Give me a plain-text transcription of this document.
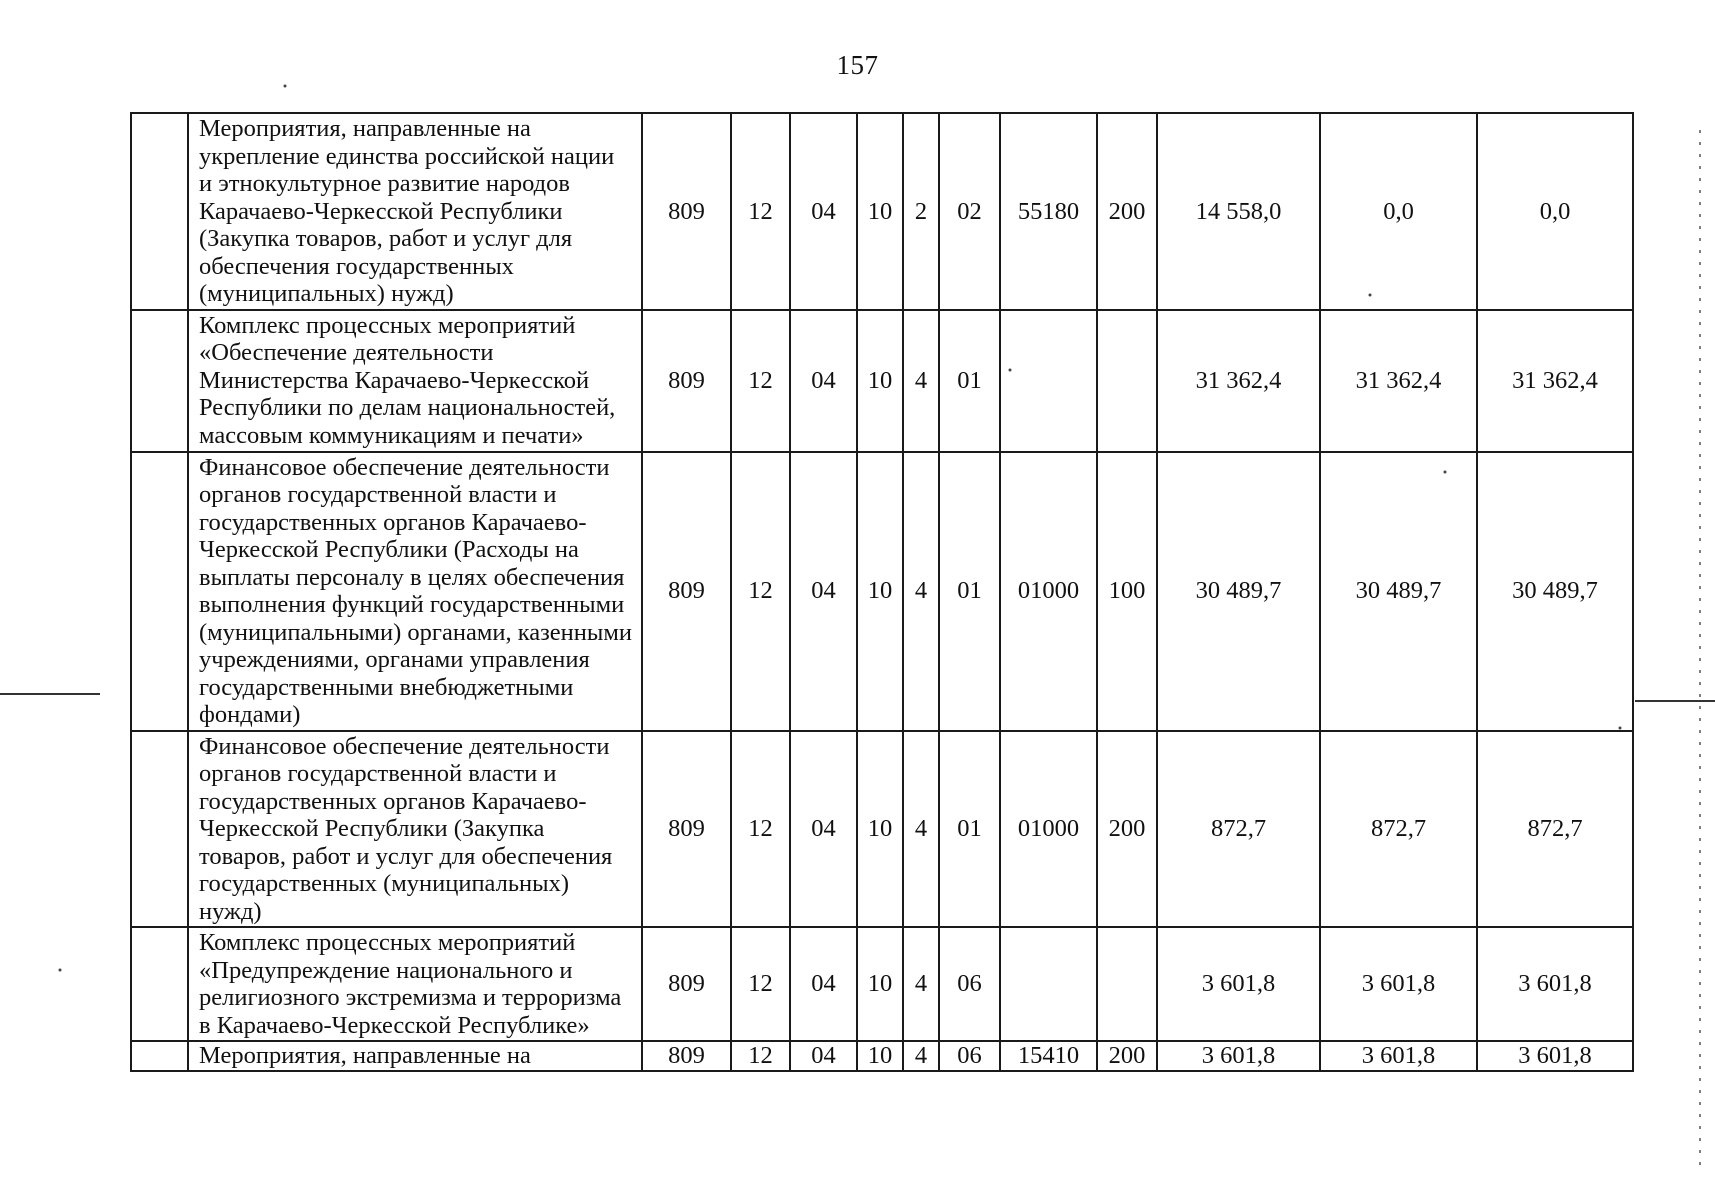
157
	Мероприятия, направленные на укрепление единства российской нации и этнокультурное развитие народов Карачаево-Черкесской Республики (Закупка товаров, работ и услуг для обеспечения государственных (муниципальных) нужд)	809	12	04	10	2	02	55180	200	14 558,0	0,0	0,0
	Комплекс процессных мероприятий «Обеспечение деятельности Министерства Карачаево-Черкесской Республики по делам национальностей, массовым коммуникациям и печати»	809	12	04	10	4	01			31 362,4	31 362,4	31 362,4
	Финансовое обеспечение деятельности органов государственной власти и государственных органов Карачаево-Черкесской Республики (Расходы на выплаты персоналу в целях обеспечения выполнения функций государственными (муниципальными) органами, казенными учреждениями, органами управления государственными внебюджетными фондами)	809	12	04	10	4	01	01000	100	30 489,7	30 489,7	30 489,7
	Финансовое обеспечение деятельности органов государственной власти и государственных органов Карачаево-Черкесской Республики (Закупка товаров, работ и услуг для обеспечения государственных (муниципальных) нужд)	809	12	04	10	4	01	01000	200	872,7	872,7	872,7
	Комплекс процессных мероприятий «Предупреждение национального и религиозного экстремизма и терроризма в Карачаево-Черкесской Республике»	809	12	04	10	4	06			3 601,8	3 601,8	3 601,8
	Мероприятия, направленные на	809	12	04	10	4	06	15410	200	3 601,8	3 601,8	3 601,8
